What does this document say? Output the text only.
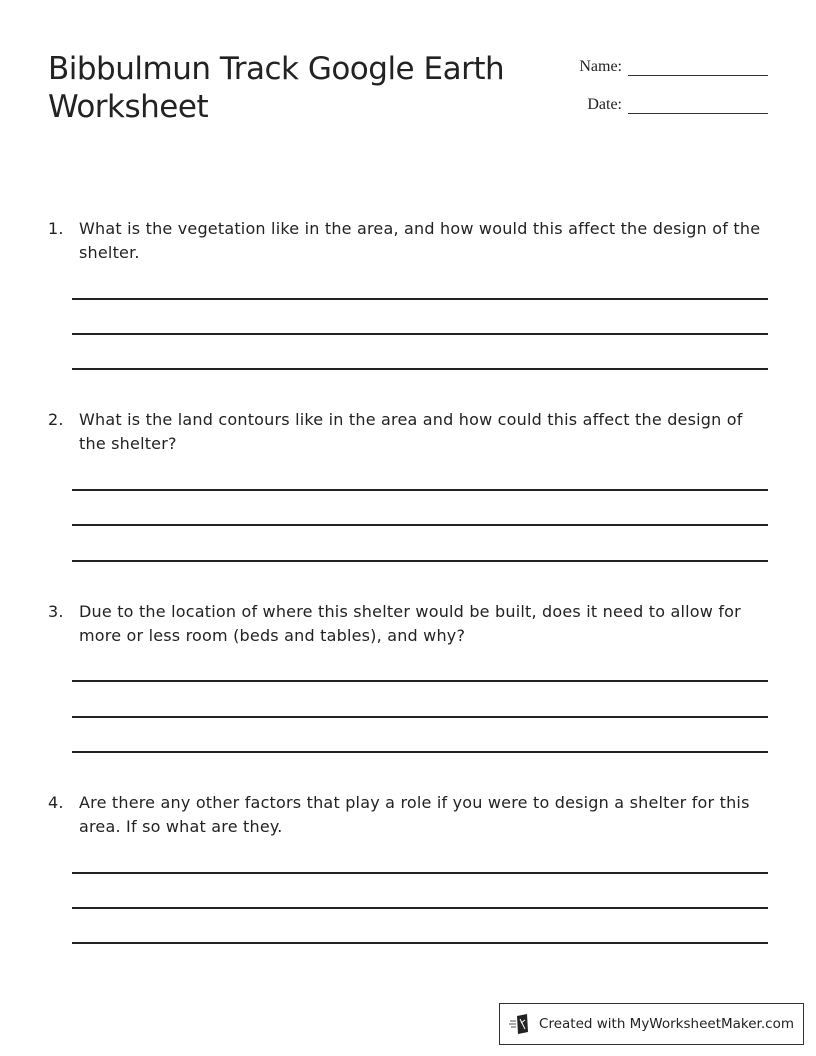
Bibbulmun Track Google Earth Worksheet
Name:
Date:
1. What is the vegetation like in the area, and how would this affect the design of the shelter.
2. What is the land contours like in the area and how could this affect the design of the shelter?
3. Due to the location of where this shelter would be built, does it need to allow for more or less room (beds and tables), and why?
4. Are there any other factors that play a role if you were to design a shelter for this area. If so what are they.
Created with MyWorksheetMaker.com
